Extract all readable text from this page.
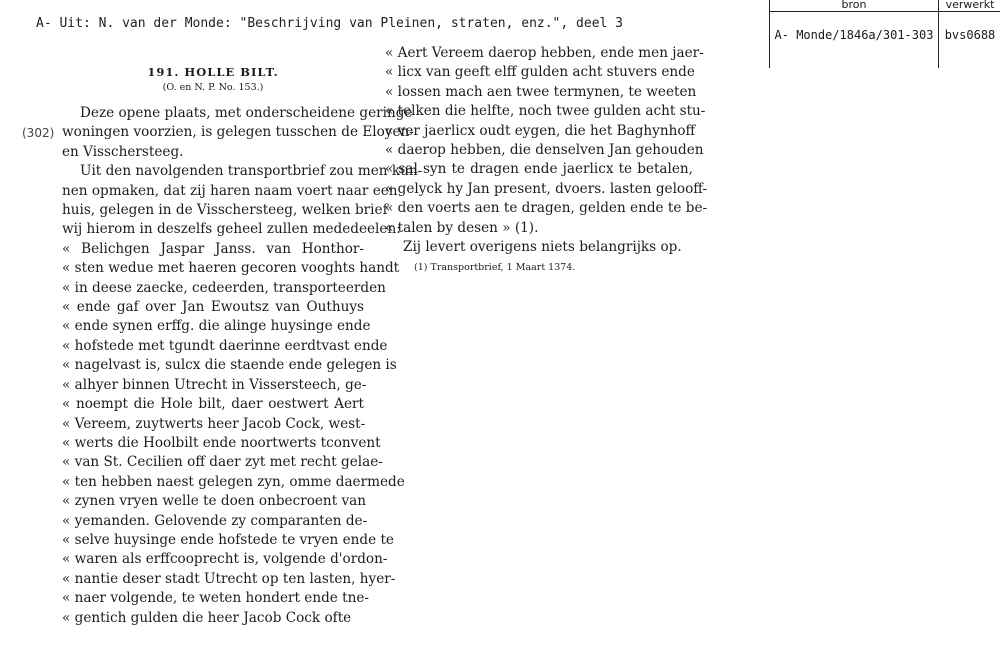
A- Uit: N. van der Monde: "Beschrijving van Pleinen, straten, enz.", deel 3
bron
A- Monde/1846a/301-303
verwerkt
bvs0688
(302)
191. HOLLE BILT.
(O. en N. P. No. 153.)
Deze opene plaats, met onderscheidene geringe
woningen voorzien, is gelegen tusschen de Eloyen-
en Visschersteeg.
Uit den navolgenden transportbrief zou men kun-
nen opmaken, dat zij haren naam voert naar een
huis, gelegen in de Visschersteeg, welken brief
wij hierom in deszelfs geheel zullen mededeelen:
« Belichgen Jaspar Janss. van Honthor-
« sten wedue met haeren gecoren vooghts handt
« in deese zaecke, cedeerden, transporteerden
« ende gaf over Jan Ewoutsz van Outhuys
« ende synen erffg. die alinge huysinge ende
« hofstede met tgundt daerinne eerdtvast ende
« nagelvast is, sulcx die staende ende gelegen is
« alhyer binnen Utrecht in Vissersteech, ge-
« noempt die Hole bilt, daer oestwert Aert
« Vereem, zuytwerts heer Jacob Cock, west-
« werts die Hoolbilt ende noortwerts tconvent
« van St. Cecilien off daer zyt met recht gelae-
« ten hebben naest gelegen zyn, omme daermede
« zynen vryen welle te doen onbecroent van
« yemanden. Gelovende zy comparanten de-
« selve huysinge ende hofstede te vryen ende te
« waren als erffcooprecht is, volgende d'ordon-
« nantie deser stadt Utrecht op ten lasten, hyer-
« naer volgende, te weten hondert ende tne-
« gentich gulden die heer Jacob Cock ofte
« Aert Vereem daerop hebben, ende men jaer-
« licx van geeft elff gulden acht stuvers ende
« lossen mach aen twee termynen, te weeten
« telken die helfte, noch twee gulden acht stu-
« ver jaerlicx oudt eygen, die het Baghynhoff
« daerop hebben, die denselven Jan gehouden
« sal syn te dragen ende jaerlicx te betalen,
« gelyck hy Jan present, dvoers. lasten gelooff-
« den voerts aen te dragen, gelden ende te be-
« talen by desen » (1).
Zij levert overigens niets belangrijks op.
(1) Transportbrief, 1 Maart 1374.
